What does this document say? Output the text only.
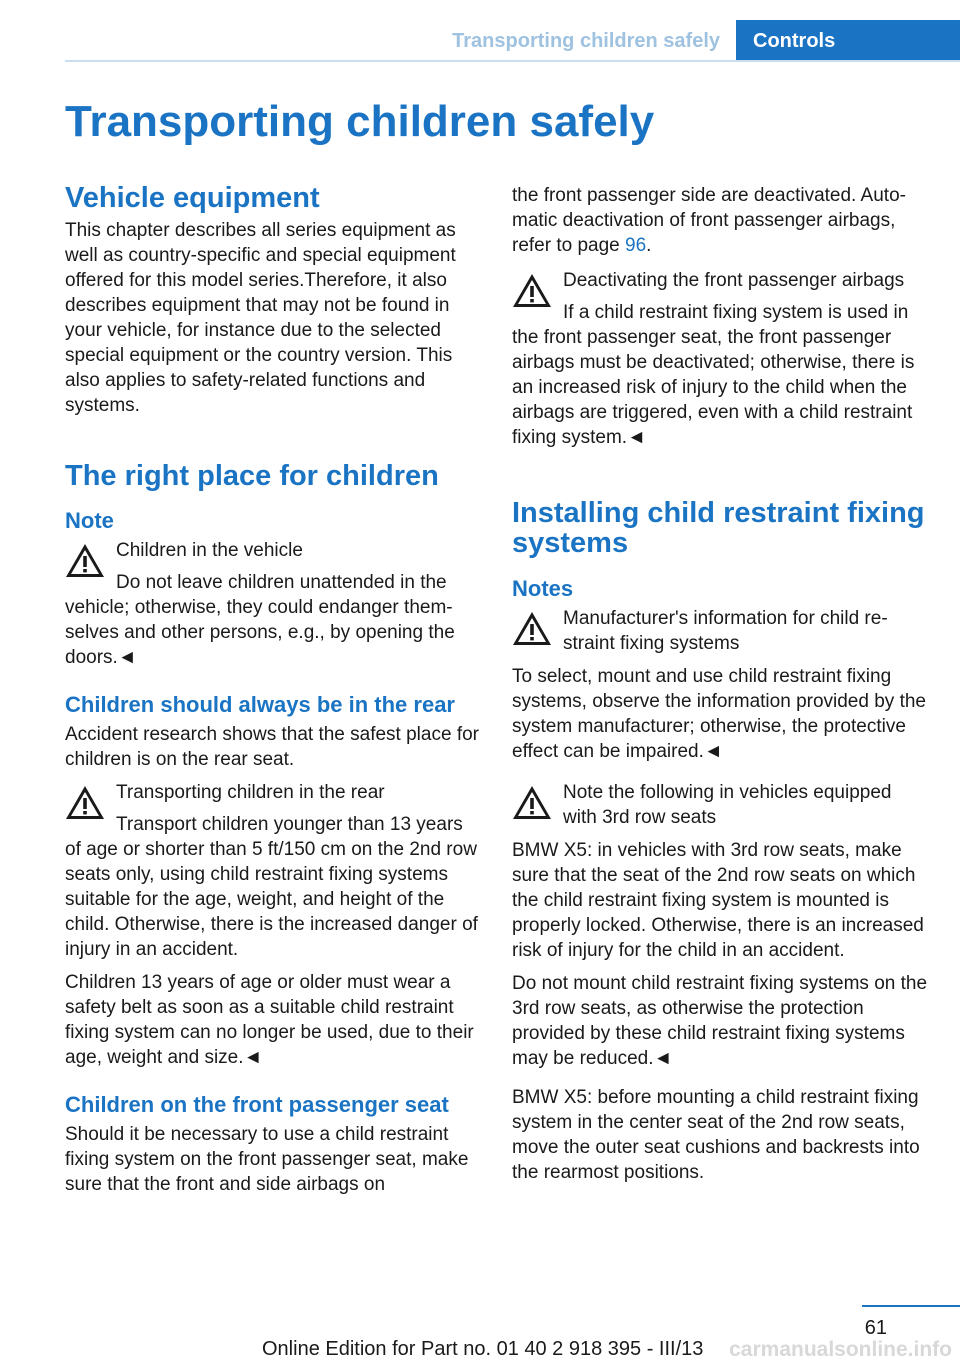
Transporting children safely	Controls
Transporting children safely
Vehicle equipment

This chapter describes all series equipment as well as country-specific and special equipment offered for this model series.Therefore, it also describes equipment that may not be found in your vehicle, for instance due to the selected special equipment or the country version. This also applies to safety-related functions and systems.

The right place for children
Note
Children in the vehicle
Do not leave children unattended in the vehicle; otherwise, they could endanger themselves and other persons, e.g., by opening the doors.◄
Children should always be in the rear

Accident research shows that the safest place for children is on the rear seat.

Transporting children in the rear
Transport children younger than 13 years of age or shorter than 5 ft/150 cm on the 2nd row seats only, using child restraint fixing systems suitable for the age, weight, and height of the child. Otherwise, there is the increased danger of injury in an accident.

Children 13 years of age or older must wear a safety belt as soon as a suitable child restraint fixing system can no longer be used, due to their age, weight and size.◄

Children on the front passenger seat

Should it be necessary to use a child restraint fixing system on the front passenger seat, make sure that the front and side airbags on

the front passenger side are deactivated. Automatic deactivation of front passenger airbags, refer to page 96.

Deactivating the front passenger airbags
If a child restraint fixing system is used in the front passenger seat, the front passenger airbags must be deactivated; otherwise, there is an increased risk of injury to the child when the airbags are triggered, even with a child restraint fixing system.◄
Installing child restraint fixing systems
Notes
Manufacturer's information for child restraint fixing systems

To select, mount and use child restraint fixing systems, observe the information provided by the system manufacturer; otherwise, the protective effect can be impaired.◄

Note the following in vehicles equipped with 3rd row seats

BMW X5: in vehicles with 3rd row seats, make sure that the seat of the 2nd row seats on which the child restraint fixing system is mounted is properly locked. Otherwise, there is an increased risk of injury for the child in an accident.

Do not mount child restraint fixing systems on the 3rd row seats, as otherwise the protection provided by these child restraint fixing systems may be reduced.◄

BMW X5: before mounting a child restraint fixing system in the center seat of the 2nd row seats, move the outer seat cushions and backrests into the rearmost positions.

61
Online Edition for Part no. 01 40 2 918 395 - III/13 carmanualsonline.info
